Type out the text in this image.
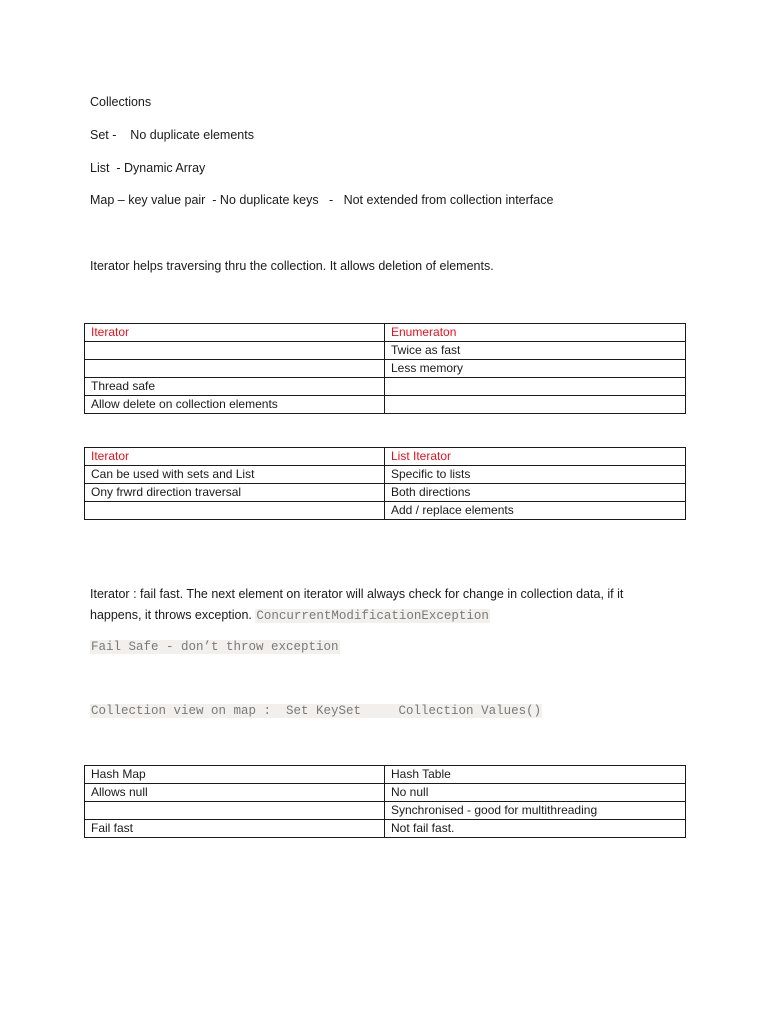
Collections
Set -    No duplicate elements
List  - Dynamic Array
Map – key value pair  - No duplicate keys   -   Not extended from collection interface
Iterator helps traversing thru the collection. It allows deletion of elements.
Iterator	Enumeraton
	Twice as fast
	Less memory
Thread safe	
Allow delete on collection elements	
Iterator	List Iterator
Can be used with sets and List	Specific to lists
Ony frwrd direction traversal	Both directions
	Add / replace elements
Iterator : fail fast. The next element on iterator will always check for change in collection data, if it happens, it throws exception. ConcurrentModificationException
Fail Safe - don’t throw exception
Collection view on map :  Set KeySet     Collection Values()
Hash Map	Hash Table
Allows null	No null
	Synchronised - good for multithreading
Fail fast	Not fail fast.
